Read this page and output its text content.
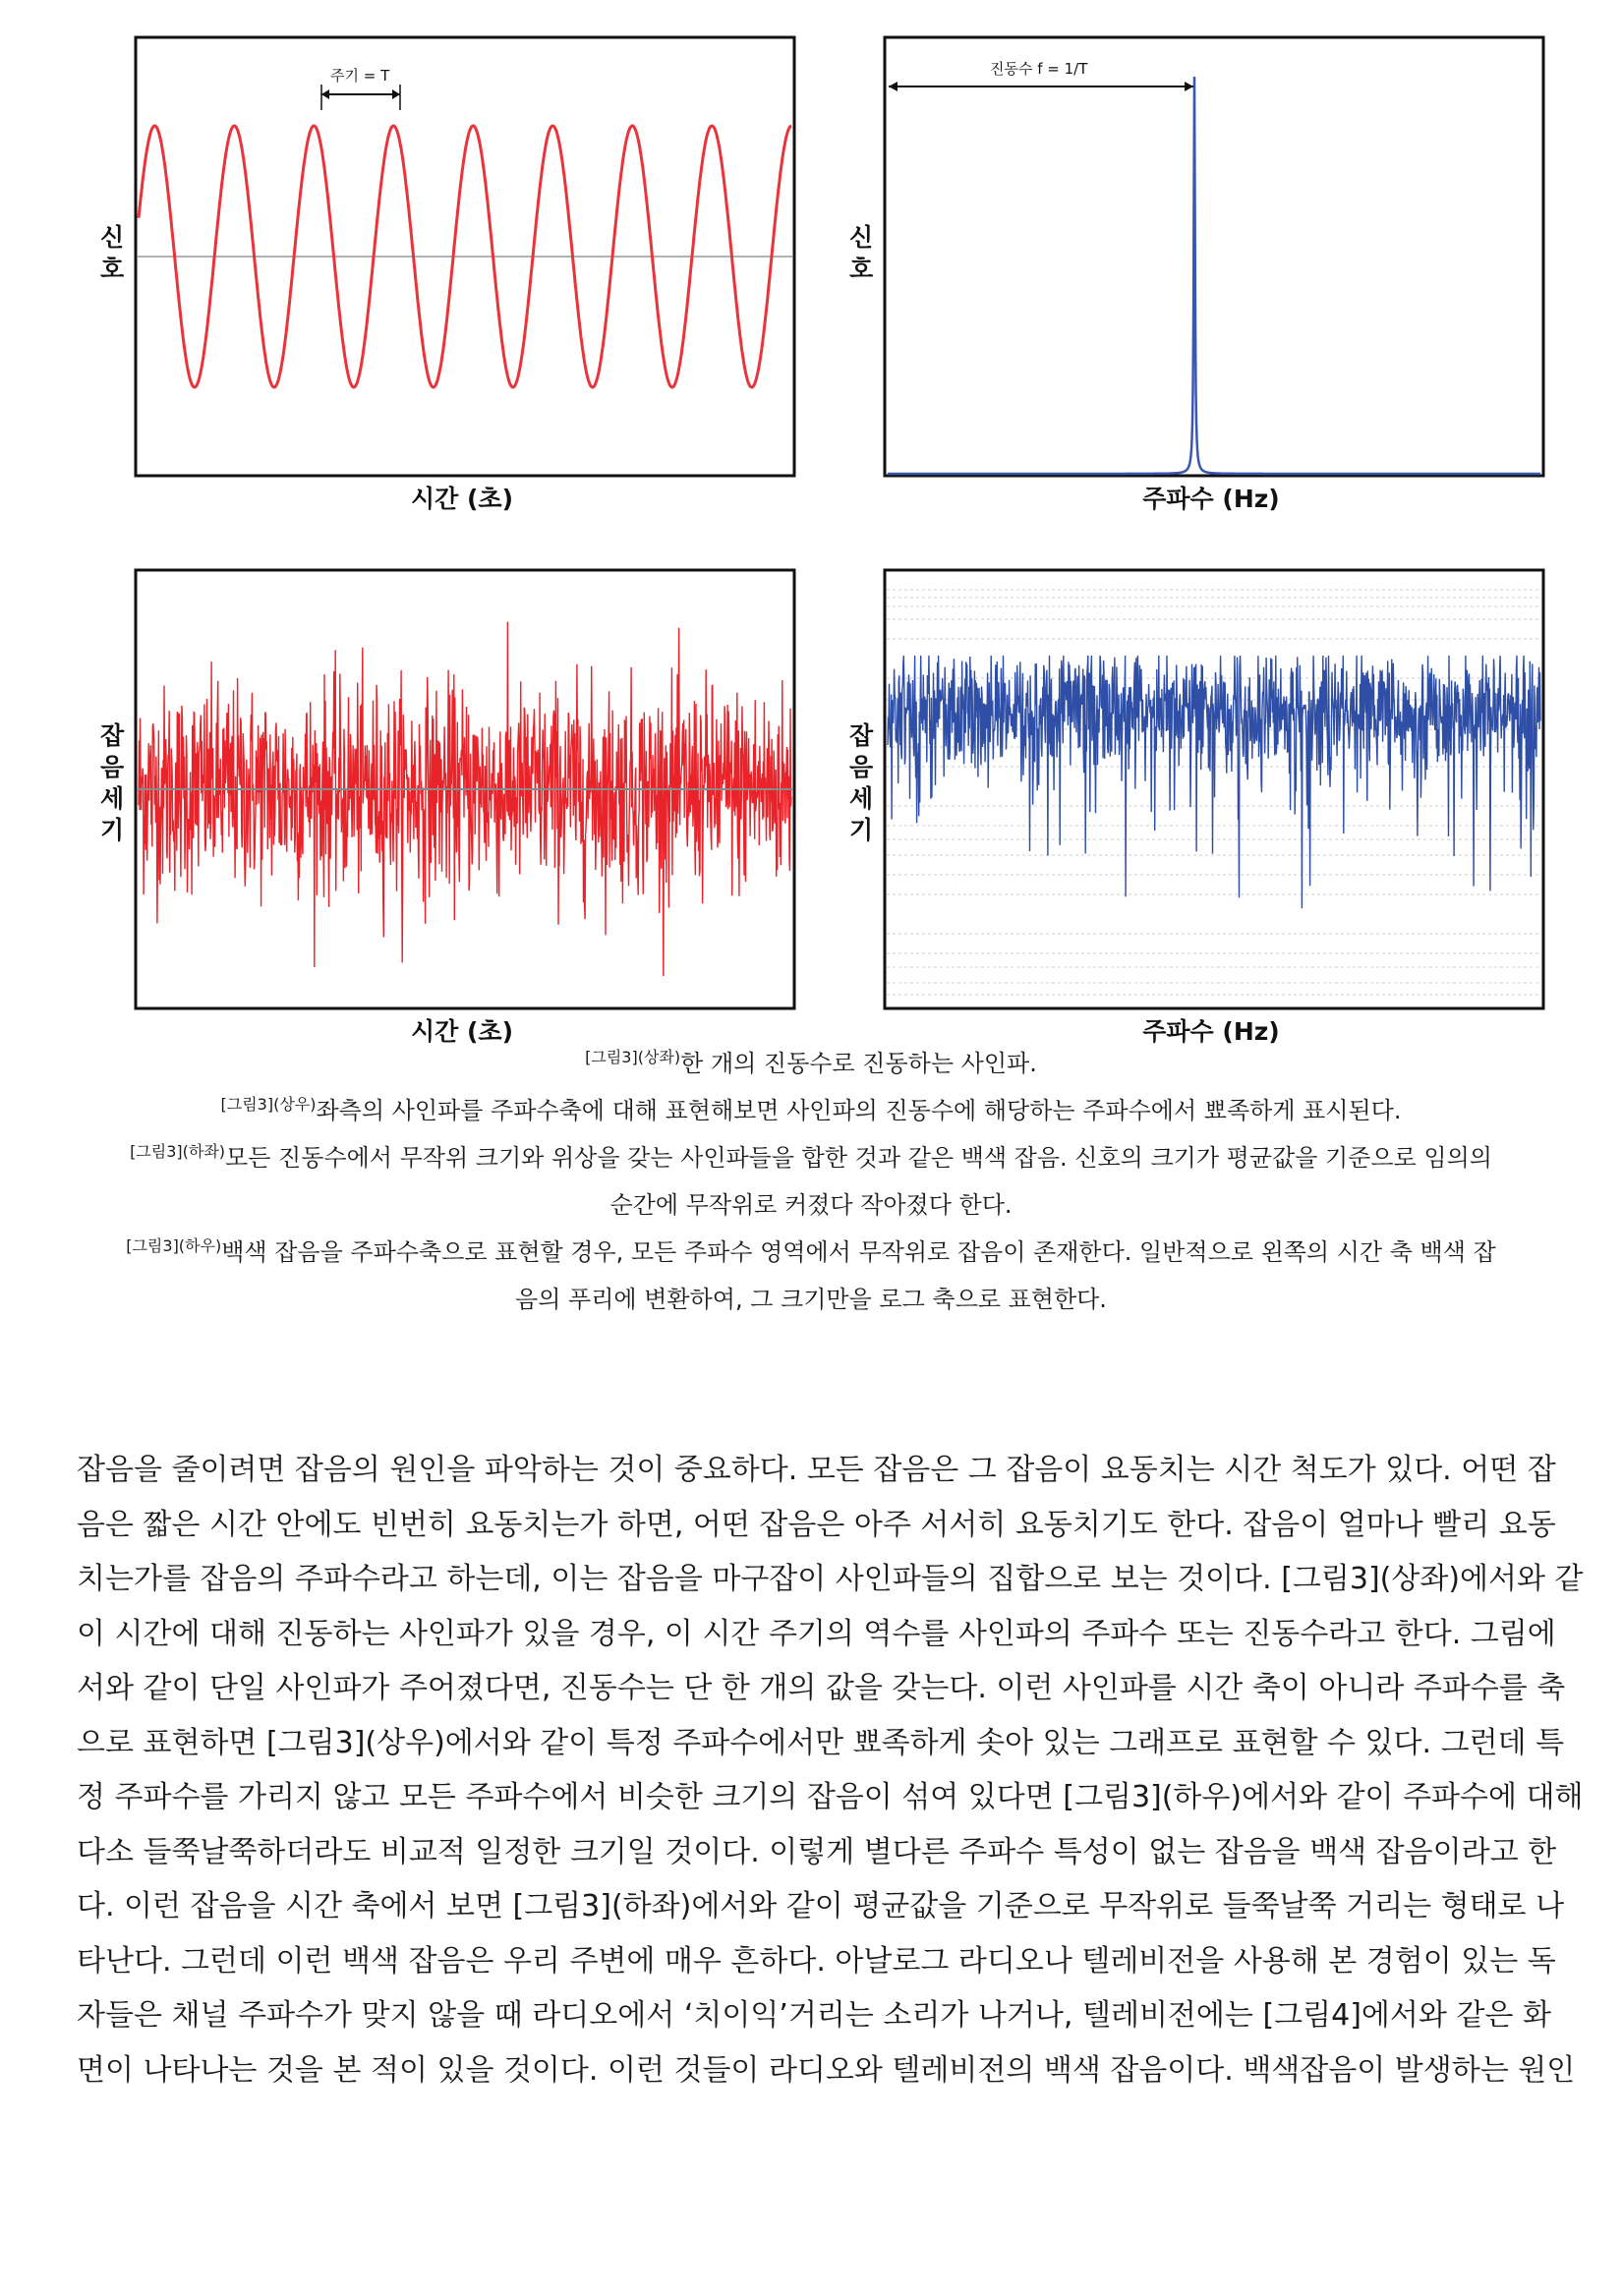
신
호
주기 = T
시간 (초)
신
호
진동수 f = 1/T
주파수 (Hz)
잡
음
세
기
시간 (초)
잡
음
세
기
주파수 (Hz)

$^{[그림3](상좌)}$한 개의 진동수로 진동하는 사인파.

$^{[그림3](상우)}$좌측의 사인파를 주파수축에 대해 표현해보면 사인파의 진동수에 해당하는 주파수에서 뾰족하게 표시된다.

$^{[그림3](하좌)}$모든 진동수에서 무작위 크기와 위상을 갖는 사인파들을 합한 것과 같은 백색 잡음. 신호의 크기가 평균값을 기준으로 임의의

순간에 무작위로 커졌다 작아졌다 한다.

$^{[그림3](하우)}$백색 잡음을 주파수축으로 표현할 경우, 모든 주파수 영역에서 무작위로 잡음이 존재한다. 일반적으로 왼쪽의 시간 축 백색 잡

음의 푸리에 변환하여, 그 크기만을 로그 축으로 표현한다.

잡음을 줄이려면 잡음의 원인을 파악하는 것이 중요하다. 모든 잡음은 그 잡음이 요동치는 시간 척도가 있다. 어떤 잡
음은 짧은 시간 안에도 빈번히 요동치는가 하면, 어떤 잡음은 아주 서서히 요동치기도 한다. 잡음이 얼마나 빨리 요동
치는가를 잡음의 주파수라고 하는데, 이는 잡음을 마구잡이 사인파들의 집합으로 보는 것이다. [그림3](상좌)에서와 같
이 시간에 대해 진동하는 사인파가 있을 경우, 이 시간 주기의 역수를 사인파의 주파수 또는 진동수라고 한다. 그림에
서와 같이 단일 사인파가 주어졌다면, 진동수는 단 한 개의 값을 갖는다. 이런 사인파를 시간 축이 아니라 주파수를 축
으로 표현하면 [그림3](상우)에서와 같이 특정 주파수에서만 뾰족하게 솟아 있는 그래프로 표현할 수 있다. 그런데 특
정 주파수를 가리지 않고 모든 주파수에서 비슷한 크기의 잡음이 섞여 있다면 [그림3](하우)에서와 같이 주파수에 대해
다소 들쭉날쭉하더라도 비교적 일정한 크기일 것이다. 이렇게 별다른 주파수 특성이 없는 잡음을 백색 잡음이라고 한
다. 이런 잡음을 시간 축에서 보면 [그림3](하좌)에서와 같이 평균값을 기준으로 무작위로 들쭉날쭉 거리는 형태로 나
타난다. 그런데 이런 백색 잡음은 우리 주변에 매우 흔하다. 아날로그 라디오나 텔레비전을 사용해 본 경험이 있는 독
자들은 채널 주파수가 맞지 않을 때 라디오에서 ‘치이익’거리는 소리가 나거나, 텔레비전에는 [그림4]에서와 같은 화
면이 나타나는 것을 본 적이 있을 것이다. 이런 것들이 라디오와 텔레비전의 백색 잡음이다. 백색잡음이 발생하는 원인
